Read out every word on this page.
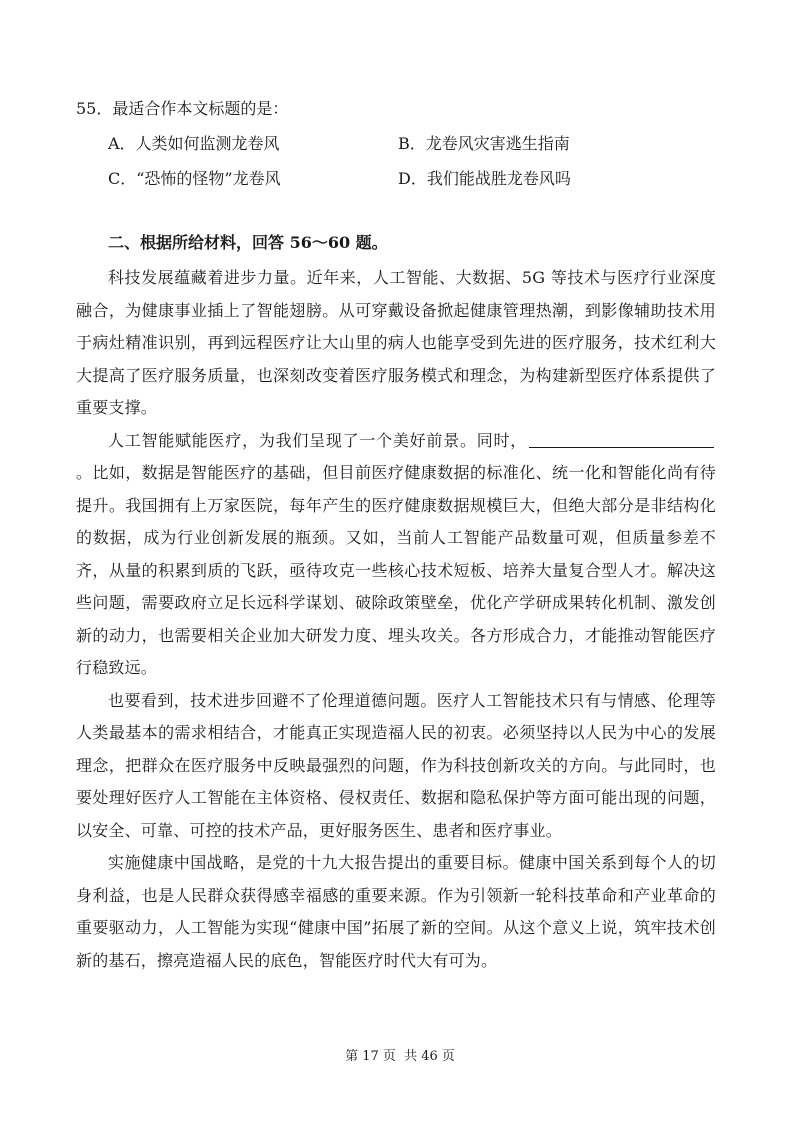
55．最适合作本文标题的是：
A．人类如何监测龙卷风	B．龙卷风灾害逃生指南
C．“恐怖的怪物”龙卷风	D．我们能战胜龙卷风吗
二、根据所给材料，回答 56～60 题。

科技发展蕴藏着进步力量。近年来，人工智能、大数据、5G 等技术与医疗行业深度融合，为健康事业插上了智能翅膀。从可穿戴设备掀起健康管理热潮，到影像辅助技术用于病灶精准识别，再到远程医疗让大山里的病人也能享受到先进的医疗服务，技术红利大大提高了医疗服务质量，也深刻改变着医疗服务模式和理念，为构建新型医疗体系提供了重要支撑。

人工智能赋能医疗，为我们呈现了一个美好前景。同时，。比如，数据是智能医疗的基础，但目前医疗健康数据的标准化、统一化和智能化尚有待提升。我国拥有上万家医院，每年产生的医疗健康数据规模巨大，但绝大部分是非结构化的数据，成为行业创新发展的瓶颈。又如，当前人工智能产品数量可观，但质量参差不齐，从量的积累到质的飞跃，亟待攻克一些核心技术短板、培养大量复合型人才。解决这些问题，需要政府立足长远科学谋划、破除政策壁垒，优化产学研成果转化机制、激发创新的动力，也需要相关企业加大研发力度、埋头攻关。各方形成合力，才能推动智能医疗行稳致远。

也要看到，技术进步回避不了伦理道德问题。医疗人工智能技术只有与情感、伦理等人类最基本的需求相结合，才能真正实现造福人民的初衷。必须坚持以人民为中心的发展理念，把群众在医疗服务中反映最强烈的问题，作为科技创新攻关的方向。与此同时，也要处理好医疗人工智能在主体资格、侵权责任、数据和隐私保护等方面可能出现的问题，以安全、可靠、可控的技术产品，更好服务医生、患者和医疗事业。

实施健康中国战略，是党的十九大报告提出的重要目标。健康中国关系到每个人的切身利益，也是人民群众获得感幸福感的重要来源。作为引领新一轮科技革命和产业革命的重要驱动力，人工智能为实现“健康中国”拓展了新的空间。从这个意义上说，筑牢技术创新的基石，擦亮造福人民的底色，智能医疗时代大有可为。

第 17 页 共 46 页
